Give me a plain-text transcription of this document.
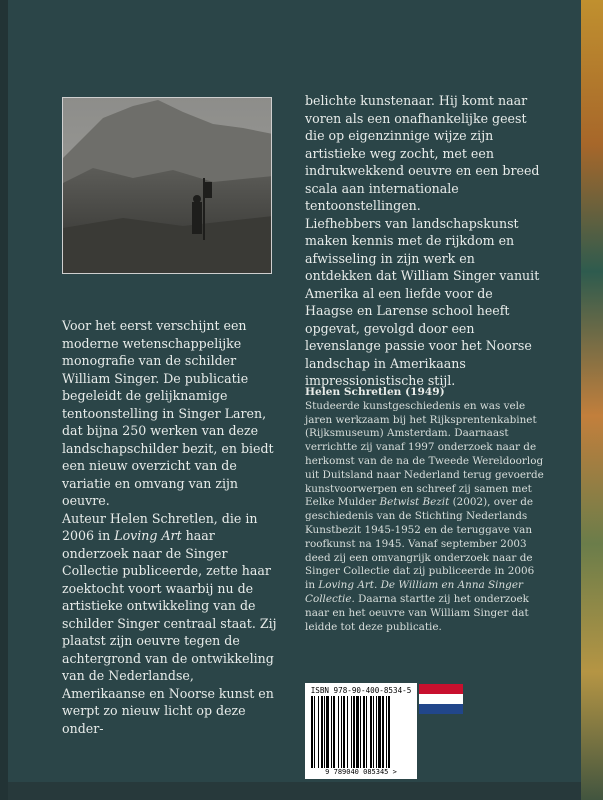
Voor het eerst verschijnt een moderne wetenschappelijke monografie van de schilder William Singer. De publicatie begeleidt de gelijknamige tentoonstelling in Singer Laren, dat bijna 250 werken van deze landschapschilder bezit, en biedt een nieuw overzicht van de variatie en omvang van zijn oeuvre.

Auteur Helen Schretlen, die in 2006 in Loving Art haar onderzoek naar de Singer Collectie publiceerde, zette haar zoektocht voort waarbij nu de artistieke ontwikkeling van de schilder Singer centraal staat. Zij plaatst zijn oeuvre tegen de achtergrond van de ontwikkeling van de Nederlandse, Amerikaanse en Noorse kunst en werpt zo nieuw licht op deze onder-

belichte kunstenaar. Hij komt naar voren als een onafhankelijke geest die op eigenzinnige wijze zijn artistieke weg zocht, met een indrukwekkend oeuvre en een breed scala aan internationale tentoonstellingen.

Liefhebbers van landschapskunst maken kennis met de rijkdom en afwisseling in zijn werk en ontdekken dat William Singer vanuit Amerika al een liefde voor de Haagse en Larense school heeft opgevat, gevolgd door een levenslange passie voor het Noorse landschap in Amerikaans impressionistische stijl.

Helen Schretlen (1949)

Studeerde kunstgeschiedenis en was vele jaren werkzaam bij het Rijksprentenkabinet (Rijksmuseum) Amsterdam. Daarnaast verrichtte zij vanaf 1997 onderzoek naar de herkomst van de na de Tweede Wereldoorlog uit Duitsland naar Nederland terug gevoerde kunstvoorwerpen en schreef zij samen met Eelke Mulder Betwist Bezit (2002), over de geschiedenis van de Stichting Nederlands Kunstbezit 1945-1952 en de teruggave van roofkunst na 1945. Vanaf september 2003 deed zij een omvangrijk onderzoek naar de Singer Collectie dat zij publiceerde in 2006 in Loving Art. De William en Anna Singer Collectie. Daarna startte zij het onderzoek naar en het oeuvre van William Singer dat leidde tot deze publicatie.

ISBN 978-90-400-8534-5
9 789040 085345 >
